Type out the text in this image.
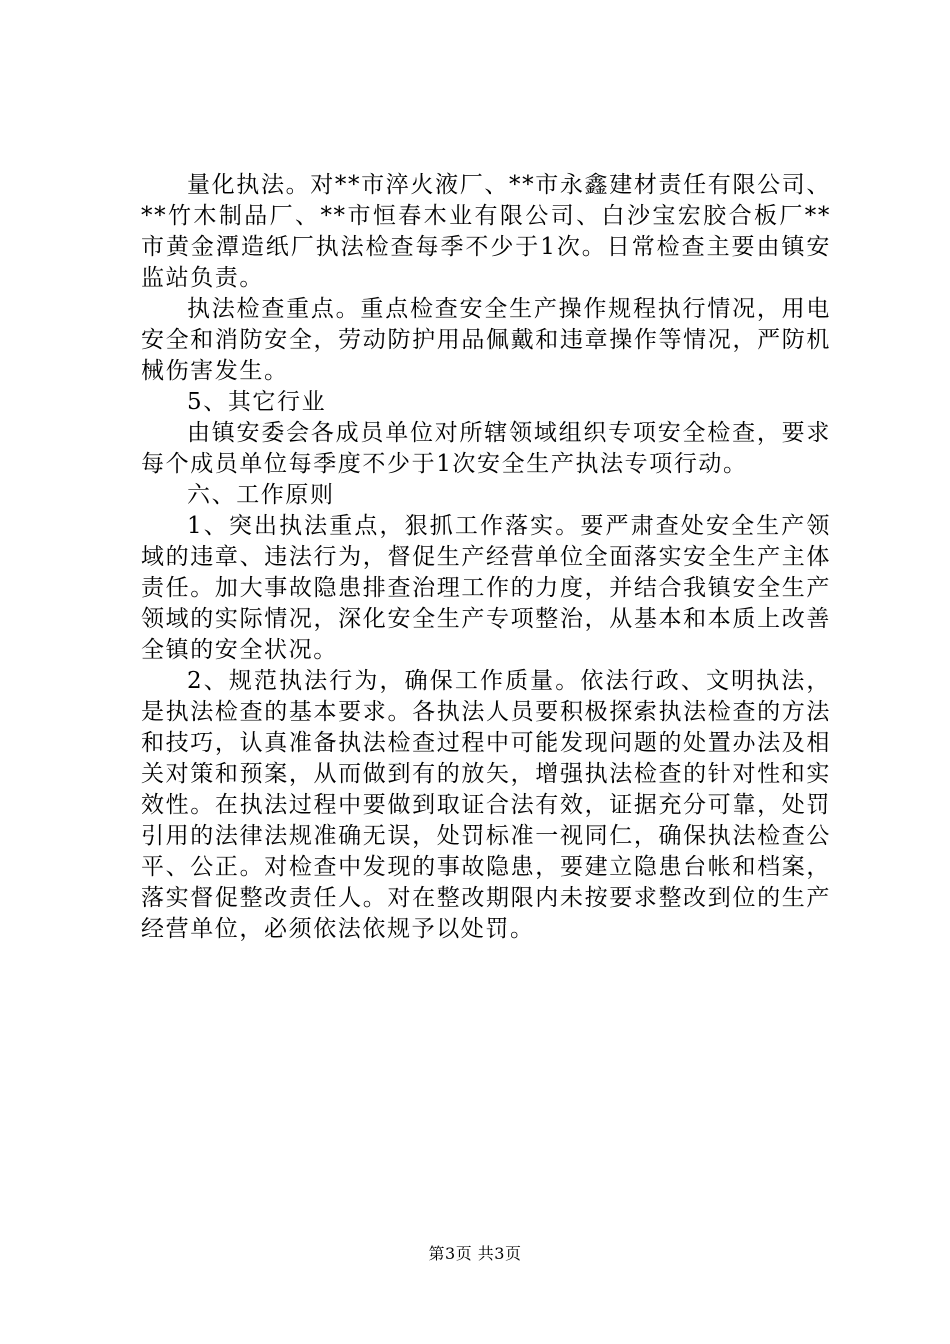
量化执法。对**市淬火液厂、**市永鑫建材责任有限公司、**竹木制品厂、**市恒春木业有限公司、白沙宝宏胶合板厂**市黄金潭造纸厂执法检查每季不少于1次。日常检查主要由镇安监站负责。

执法检查重点。重点检查安全生产操作规程执行情况，用电安全和消防安全，劳动防护用品佩戴和违章操作等情况，严防机械伤害发生。

5、其它行业

由镇安委会各成员单位对所辖领域组织专项安全检查，要求每个成员单位每季度不少于1次安全生产执法专项行动。

六、工作原则

1、突出执法重点，狠抓工作落实。要严肃查处安全生产领域的违章、违法行为，督促生产经营单位全面落实安全生产主体责任。加大事故隐患排查治理工作的力度，并结合我镇安全生产领域的实际情况，深化安全生产专项整治，从基本和本质上改善全镇的安全状况。

2、规范执法行为，确保工作质量。依法行政、文明执法，是执法检查的基本要求。各执法人员要积极探索执法检查的方法和技巧，认真准备执法检查过程中可能发现问题的处置办法及相关对策和预案，从而做到有的放矢，增强执法检查的针对性和实效性。在执法过程中要做到取证合法有效，证据充分可靠，处罚引用的法律法规准确无误，处罚标准一视同仁，确保执法检查公平、公正。对检查中发现的事故隐患，要建立隐患台帐和档案，落实督促整改责任人。对在整改期限内未按要求整改到位的生产经营单位，必须依法依规予以处罚。

第3页 共3页
